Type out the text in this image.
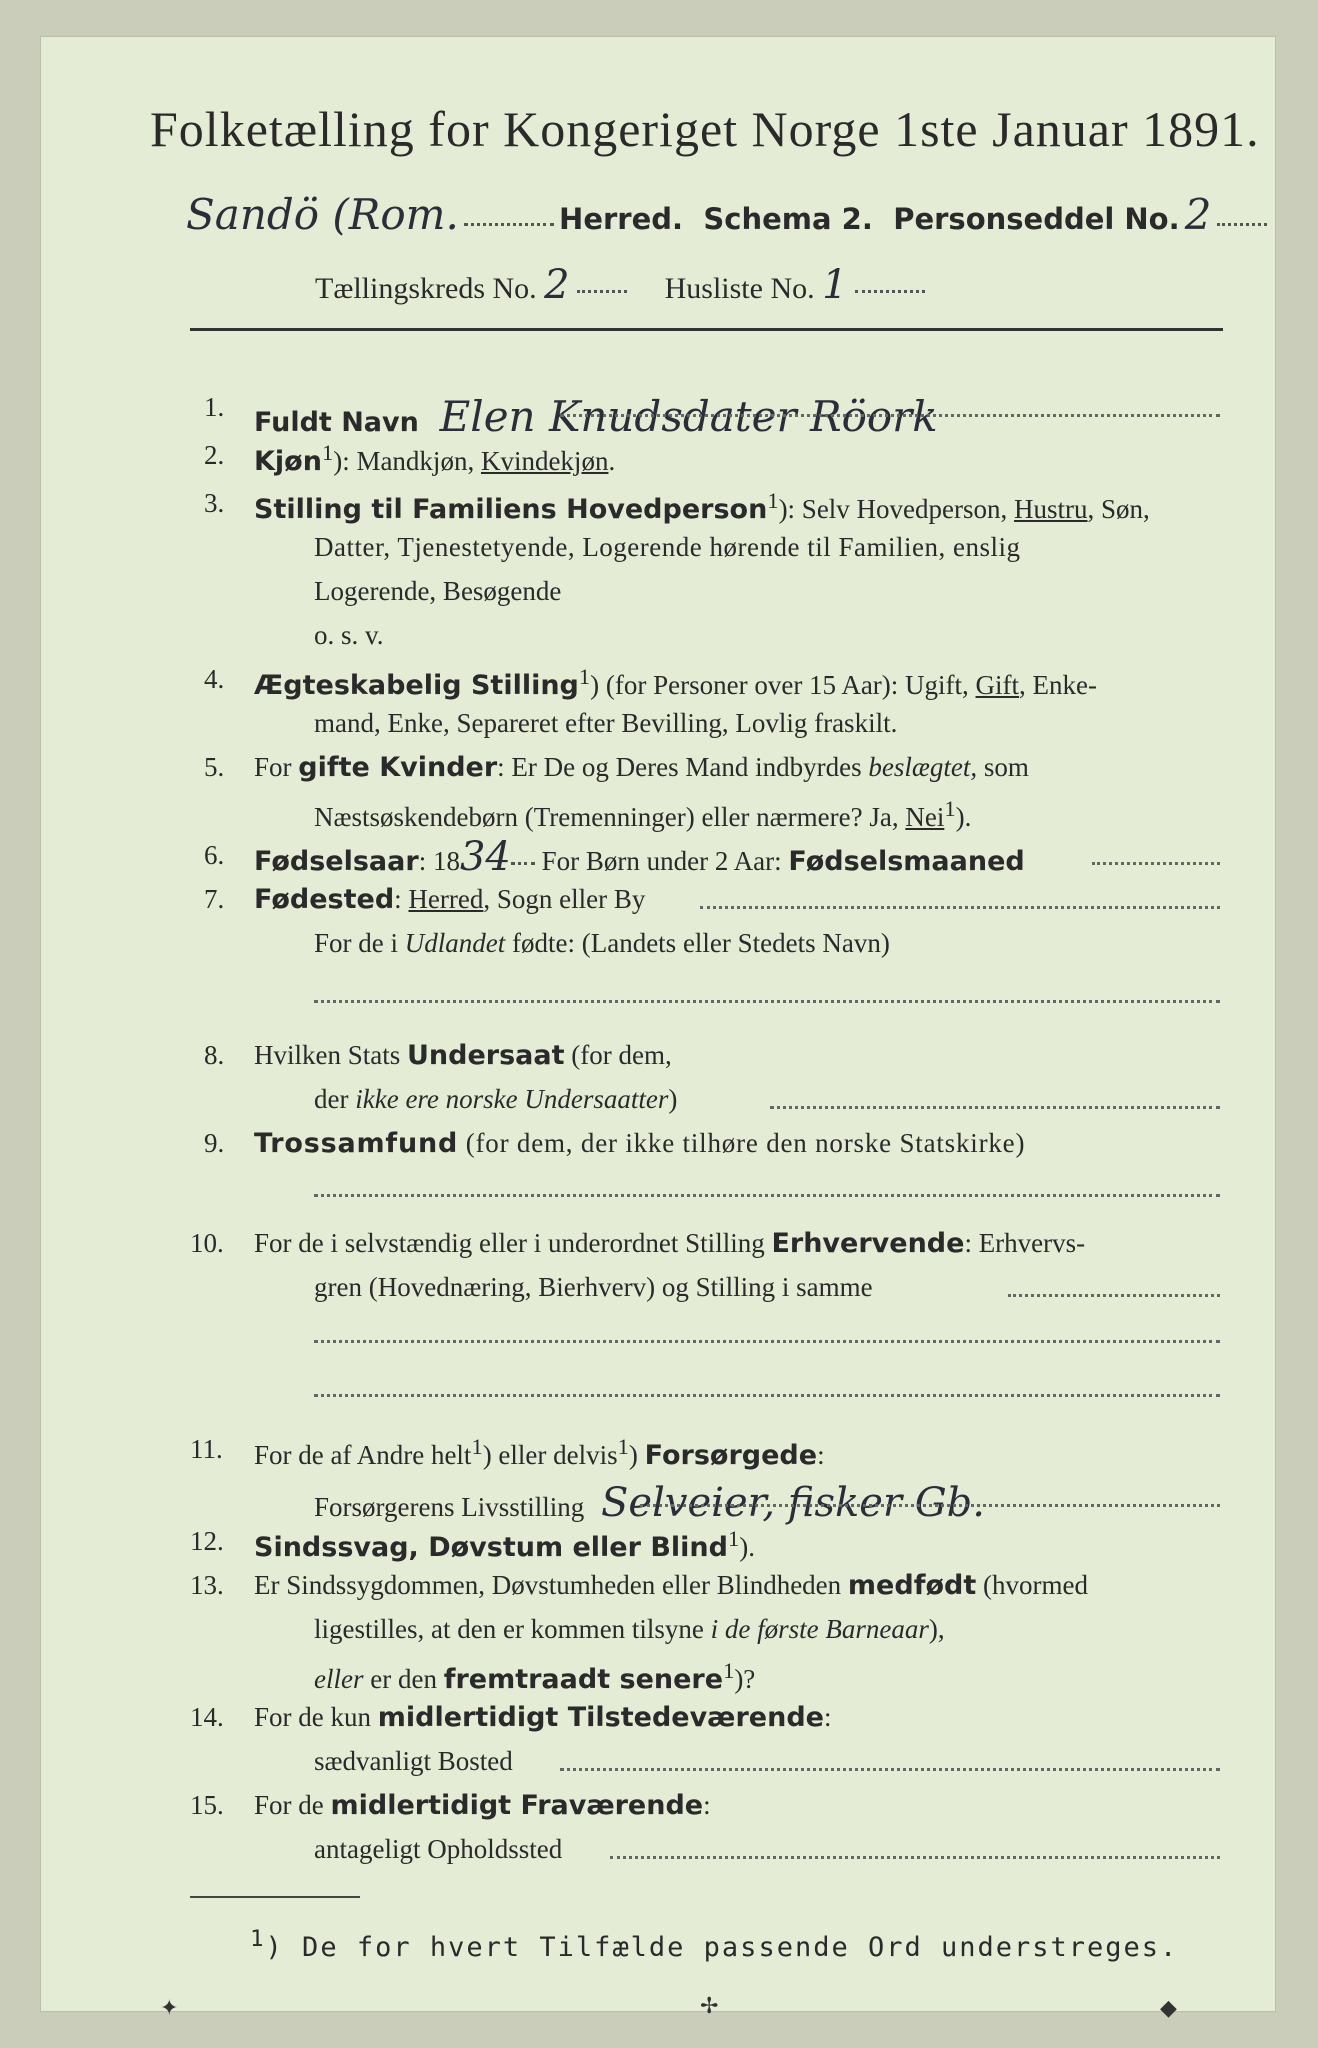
Folketælling for Kongeriget Norge 1ste Januar 1891.
Sandö (Rom.	Herred. Schema 2. Personseddel No. 2
Tællingskreds No. 2	Husliste No. 1
1. Fuldt Navn Elen Knudsdater Röork
2. Kjøn$^1$): Mandkjøn, Kvindekjøn.
3. Stilling til Familiens Hovedperson$^1$): Selv Hovedperson, Hustru, Søn,
Datter, Tjenestetyende, Logerende hørende til Familien, enslig
Logerende, Besøgende
o. s. v.
4. Ægteskabelig Stilling$^1$) (for Personer over 15 Aar): Ugift, Gift, Enke-
mand, Enke, Separeret efter Bevilling, Lovlig fraskilt.
5. For gifte Kvinder: Er De og Deres Mand indbyrdes beslægtet, som
Næstsøskendebørn (Tremenninger) eller nærmere? Ja, Nei$^1$).
6. Fødselsaar: 1834 For Børn under 2 Aar: Fødselsmaaned
7. Fødested: Herred, Sogn eller By
For de i Udlandet fødte: (Landets eller Stedets Navn)
8. Hvilken Stats Undersaat (for dem,
der ikke ere norske Undersaatter)
9. Trossamfund (for dem, der ikke tilhøre den norske Statskirke)
10. For de i selvstændig eller i underordnet Stilling Erhvervende: Erhvervs-
gren (Hovednæring, Bierhverv) og Stilling i samme
11. For de af Andre helt$^1$) eller delvis$^1$) Forsørgede:
Forsørgerens Livsstilling Selveier, fisker Gb.
12. Sindssvag, Døvstum eller Blind$^1$).
13. Er Sindssygdommen, Døvstumheden eller Blindheden medfødt (hvormed
ligestilles, at den er kommen tilsyne i de første Barneaar),
eller er den fremtraadt senere$^1$)?
14. For de kun midlertidigt Tilstedeværende:
sædvanligt Bosted
15. For de midlertidigt Fraværende:
antageligt Opholdssted
$^1$) De for hvert Tilfælde passende Ord understreges.
✦	✢	◆
